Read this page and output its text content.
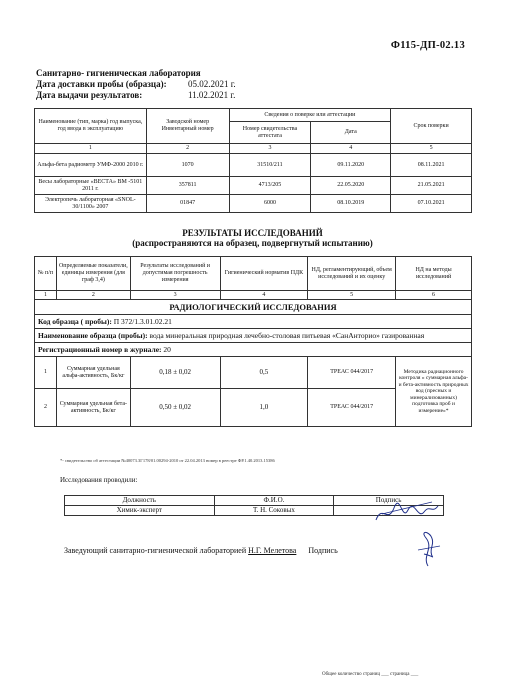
Ф115-ДП-02.13
Санитарно- гигиеническая лаборатория
Дата доставки пробы (образца):	05.02.2021 г.
Дата выдачи результатов:	11.02.2021 г.
Наименование (тип, марка) год выпуска, год ввода в эксплуатацию	Заводской номер Инвентарный номер	Сведения о поверке или аттестации		Срок поверки
		Номер свидетельства аттестата	Дата	
1	2	3	4	5
Альфа-бета радиометр УМФ-2000 2010 г.	1070	31510/211	09.11.2020	08.11.2021
Весы лабораторные «ВЕСТА» ВМ -5101 2011 г.	357811	4713/205	22.05.2020	21.05.2021
Электропечь лабораторная «SNOL-30/1100» 2007	01847	6000	08.10.2019	07.10.2021
РЕЗУЛЬТАТЫ ИССЛЕДОВАНИЙ
(распространяются на образец, подвергнутый испытанию)
№ п/п	Определяемые показатели, единицы измерения (для граф 3,4)	Результаты исследований и допустимая погрешность измерения	Гигиенический норматив ПДК	НД, регламентирующий, объем исследований и их оценку	НД на методы исследований
1	2	3	4	5	6
РАДИОЛОГИЧЕСКИЙ ИССЛЕДОВАНИЯ					
Код образца ( пробы): П 372/1.3.01.02.21					
Наименование образца (пробы): вода минеральная природная лечебно-столовая питьевая «СанАнторио» газированная					
Регистрационный номер в журнале: 20					
1	Суммарная удельная альфа-активность, Бк/кг	0,18 ± 0,02	0,5	ТРЕАС 044/2017	Методика радиационного контроля « суммарная альфа- и бета-активность природных вод (пресных и минерализованных) подготовка проб и измерение»*
2	Суммарная удельная бета-активность, Бк/кг	0,50 ± 0,02	1,0	ТРЕАС 044/2017	
*- свидетельство об аттестации №40073.3Г178/01.00294-2010 от 22.04.2013 номер в реестре ФР.1.40.2013.15386
Исследования проводили:
Должность	Ф.И.О.	Подпись
Химик-эксперт	Т. Н. Соковых	
Заведующий санитарно-гигиенической лабораторией Н.Г. Мелетова Подпись
Общее количество страниц ___ страница ___
